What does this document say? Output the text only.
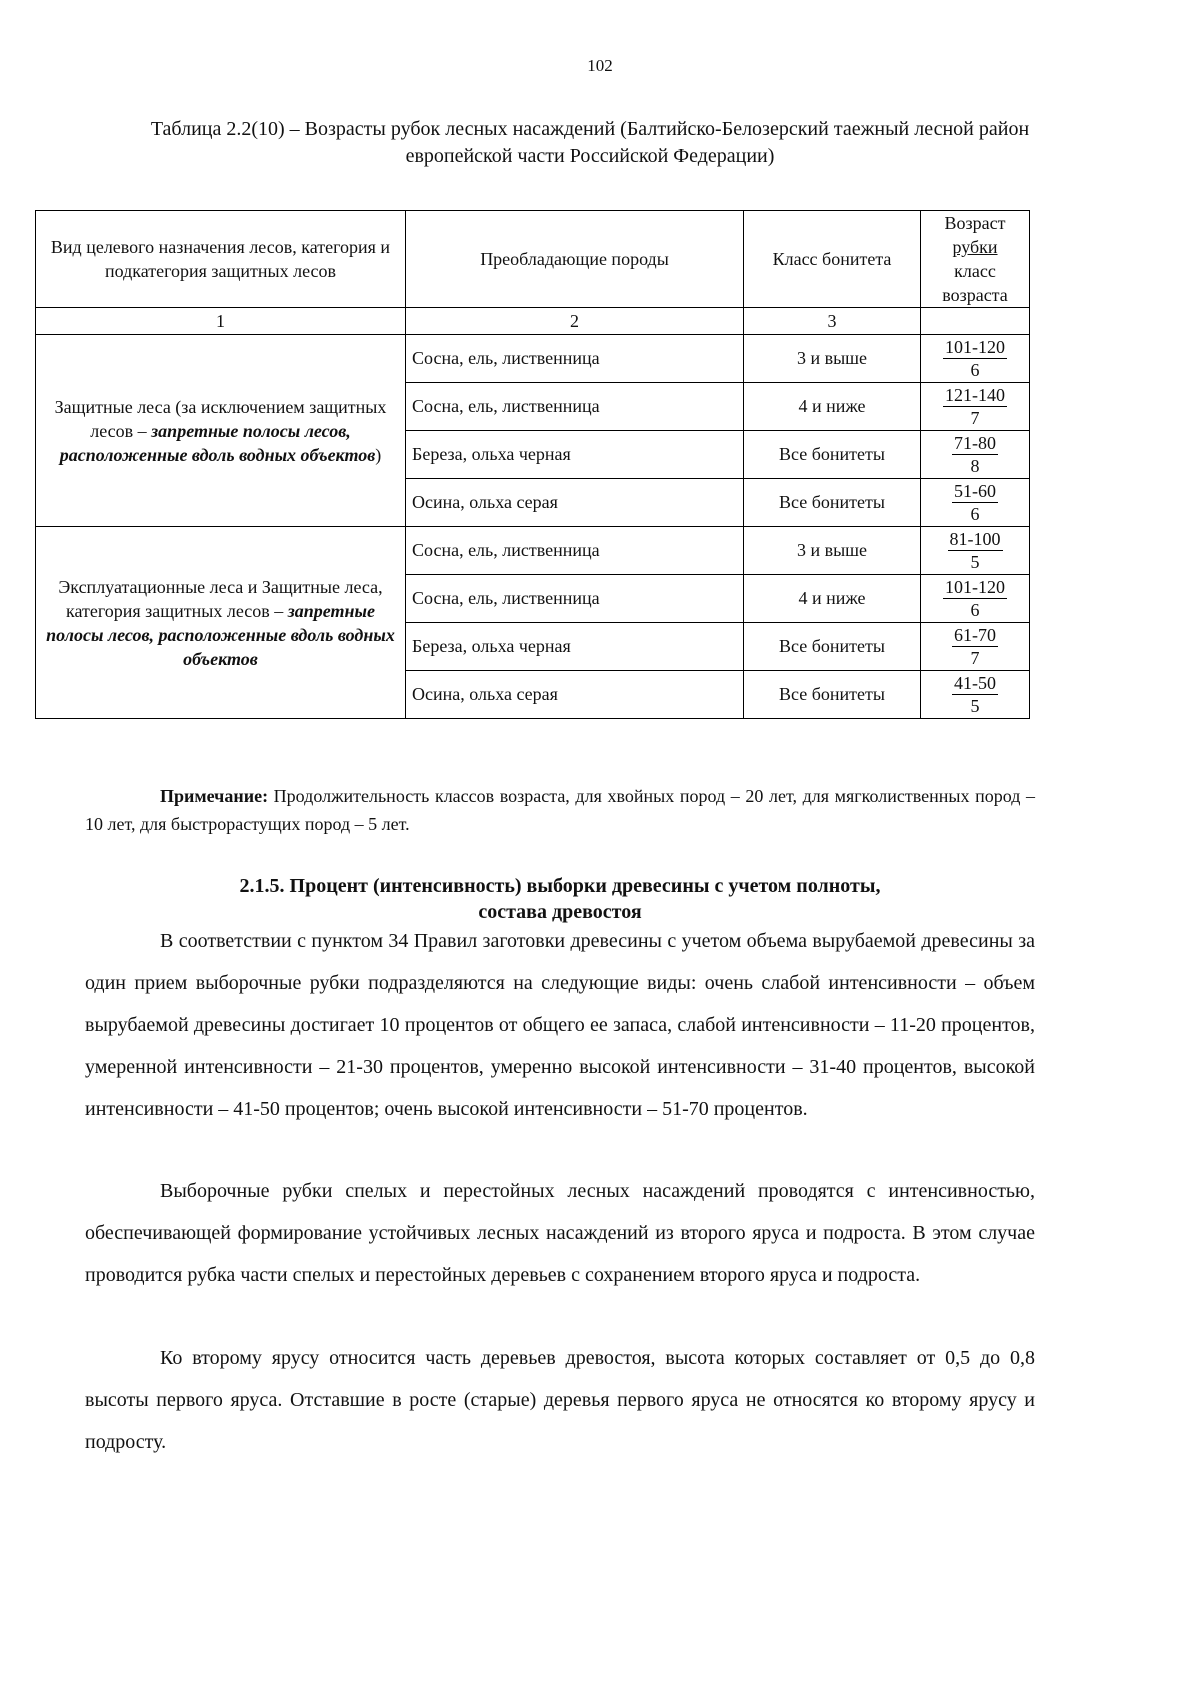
102
Таблица 2.2(10) – Возрасты рубок лесных насаждений (Балтийско-Белозерский таежный лесной район европейской части Российской Федерации)
Вид целевого назначения лесов, категория и подкатегория защитных лесов	Преобладающие породы	Класс бонитета	Возраст
рубки
класс возраста

1	2	3	
Защитные леса (за исключением защитных лесов – запретные полосы лесов, расположенные вдоль водных объектов)	Сосна, ель, лиственница	3 и выше	101-120
6
	Сосна, ель, лиственница	4 и ниже	121-140
7
	Береза, ольха черная	Все бонитеты	71-80
8
	Осина, ольха серая	Все бонитеты	51-60
6
Эксплуатационные леса и Защитные леса, категория защитных лесов – запретные полосы лесов, расположенные вдоль водных объектов	Сосна, ель, лиственница	3 и выше	81-100
5
	Сосна, ель, лиственница	4 и ниже	101-120
6
	Береза, ольха черная	Все бонитеты	61-70
7
	Осина, ольха серая	Все бонитеты	41-50
5
Примечание: Продолжительность классов возраста, для хвойных пород – 20 лет, для мягколиственных пород – 10 лет, для быстрорастущих пород – 5 лет.
2.1.5. Процент (интенсивность) выборки древесины с учетом полноты,
состава древостоя

В соответствии с пунктом 34 Правил заготовки древесины с учетом объема вырубаемой древесины за один прием выборочные рубки подразделяются на следующие виды: очень слабой интенсивности – объем вырубаемой древесины достигает 10 процентов от общего ее запаса, слабой интенсивности – 11-20 процентов, умеренной интенсивности – 21-30 процентов, умеренно высокой интенсивности – 31-40 процентов, высокой интенсивности – 41-50 процентов; очень высокой интенсивности – 51-70 процентов.

Выборочные рубки спелых и перестойных лесных насаждений проводятся с интенсивностью, обеспечивающей формирование устойчивых лесных насаждений из второго яруса и подроста. В этом случае проводится рубка части спелых и перестойных деревьев с сохранением второго яруса и подроста.

Ко второму ярусу относится часть деревьев древостоя, высота которых составляет от 0,5 до 0,8 высоты первого яруса. Отставшие в росте (старые) деревья первого яруса не относятся ко второму ярусу и подросту.
